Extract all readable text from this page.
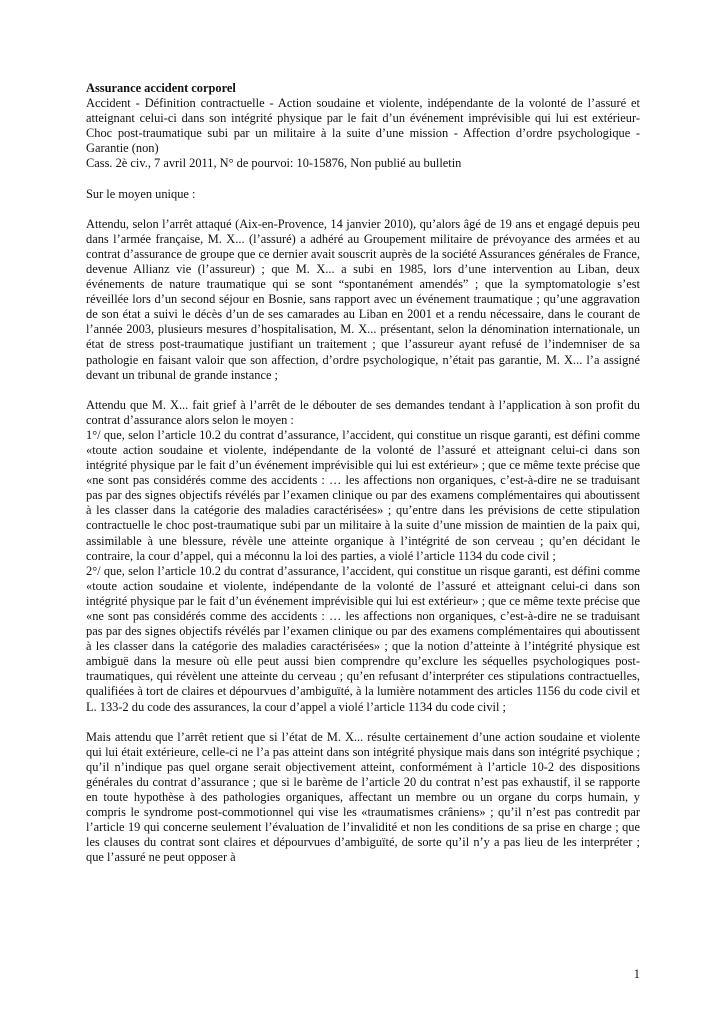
Assurance accident corporel

Accident - Définition contractuelle - Action soudaine et violente, indépendante de la volonté de l’assuré et atteignant celui-ci dans son intégrité physique par le fait d’un événement imprévisible qui lui est extérieur- Choc post-traumatique subi par un militaire à la suite d’une mission - Affection d’ordre psychologique - Garantie (non)

Cass. 2è civ., 7 avril 2011, N° de pourvoi: 10-15876, Non publié au bulletin

Sur le moyen unique :

Attendu, selon l’arrêt attaqué (Aix-en-Provence, 14 janvier 2010), qu’alors âgé de 19 ans et engagé depuis peu dans l’armée française, M. X... (l’assuré) a adhéré au Groupement militaire de prévoyance des armées et au contrat d’assurance de groupe que ce dernier avait souscrit auprès de la société Assurances générales de France, devenue Allianz vie (l’assureur) ; que M. X... a subi en 1985, lors d’une intervention au Liban, deux événements de nature traumatique qui se sont “spontanément amendés” ; que la symptomatologie s’est réveillée lors d’un second séjour en Bosnie, sans rapport avec un événement traumatique ; qu’une aggravation de son état a suivi le décès d’un de ses camarades au Liban en 2001 et a rendu nécessaire, dans le courant de l’année 2003, plusieurs mesures d’hospitalisation, M. X... présentant, selon la dénomination internationale, un état de stress post-traumatique justifiant un traitement ; que l’assureur ayant refusé de l’indemniser de sa pathologie en faisant valoir que son affection, d’ordre psychologique, n’était pas garantie, M. X... l’a assigné devant un tribunal de grande instance ;

Attendu que M. X... fait grief à l’arrêt de le débouter de ses demandes tendant à l’application à son profit du contrat d’assurance alors selon le moyen :

1°/ que, selon l’article 10.2 du contrat d’assurance, l’accident, qui constitue un risque garanti, est défini comme «toute action soudaine et violente, indépendante de la volonté de l’assuré et atteignant celui-ci dans son intégrité physique par le fait d’un événement imprévisible qui lui est extérieur» ; que ce même texte précise que «ne sont pas considérés comme des accidents : … les affections non organiques, c’est-à-dire ne se traduisant pas par des signes objectifs révélés par l’examen clinique ou par des examens complémentaires qui aboutissent à les classer dans la catégorie des maladies caractérisées» ; qu’entre dans les prévisions de cette stipulation contractuelle le choc post-traumatique subi par un militaire à la suite d’une mission de maintien de la paix qui, assimilable à une blessure, révèle une atteinte organique à l’intégrité de son cerveau ; qu’en décidant le contraire, la cour d’appel, qui a méconnu la loi des parties, a violé l’article 1134 du code civil ;

2°/ que, selon l’article 10.2 du contrat d’assurance, l’accident, qui constitue un risque garanti, est défini comme «toute action soudaine et violente, indépendante de la volonté de l’assuré et atteignant celui-ci dans son intégrité physique par le fait d’un événement imprévisible qui lui est extérieur» ; que ce même texte précise que «ne sont pas considérés comme des accidents : … les affections non organiques, c’est-à-dire ne se traduisant pas par des signes objectifs révélés par l’examen clinique ou par des examens complémentaires qui aboutissent à les classer dans la catégorie des maladies caractérisées» ; que la notion d’atteinte à l’intégrité physique est ambiguë dans la mesure où elle peut aussi bien comprendre qu’exclure les séquelles psychologiques post-traumatiques, qui révèlent une atteinte du cerveau ; qu’en refusant d’interpréter ces stipulations contractuelles, qualifiées à tort de claires et dépourvues d’ambiguïté, à la lumière notamment des articles 1156 du code civil et L. 133-2 du code des assurances, la cour d’appel a violé l’article 1134 du code civil ;

Mais attendu que l’arrêt retient que si l’état de M. X... résulte certainement d’une action soudaine et violente qui lui était extérieure, celle-ci ne l’a pas atteint dans son intégrité physique mais dans son intégrité psychique ; qu’il n’indique pas quel organe serait objectivement atteint, conformément à l’article 10-2 des dispositions générales du contrat d’assurance ; que si le barème de l’article 20 du contrat n’est pas exhaustif, il se rapporte en toute hypothèse à des pathologies organiques, affectant un membre ou un organe du corps humain, y compris le syndrome post-commotionnel qui vise les «traumatismes crâniens» ; qu’il n’est pas contredit par l’article 19 qui concerne seulement l’évaluation de l’invalidité et non les conditions de sa prise en charge ; que les clauses du contrat sont claires et dépourvues d’ambiguïté, de sorte qu’il n’y a pas lieu de les interpréter ; que l’assuré ne peut opposer à

1
